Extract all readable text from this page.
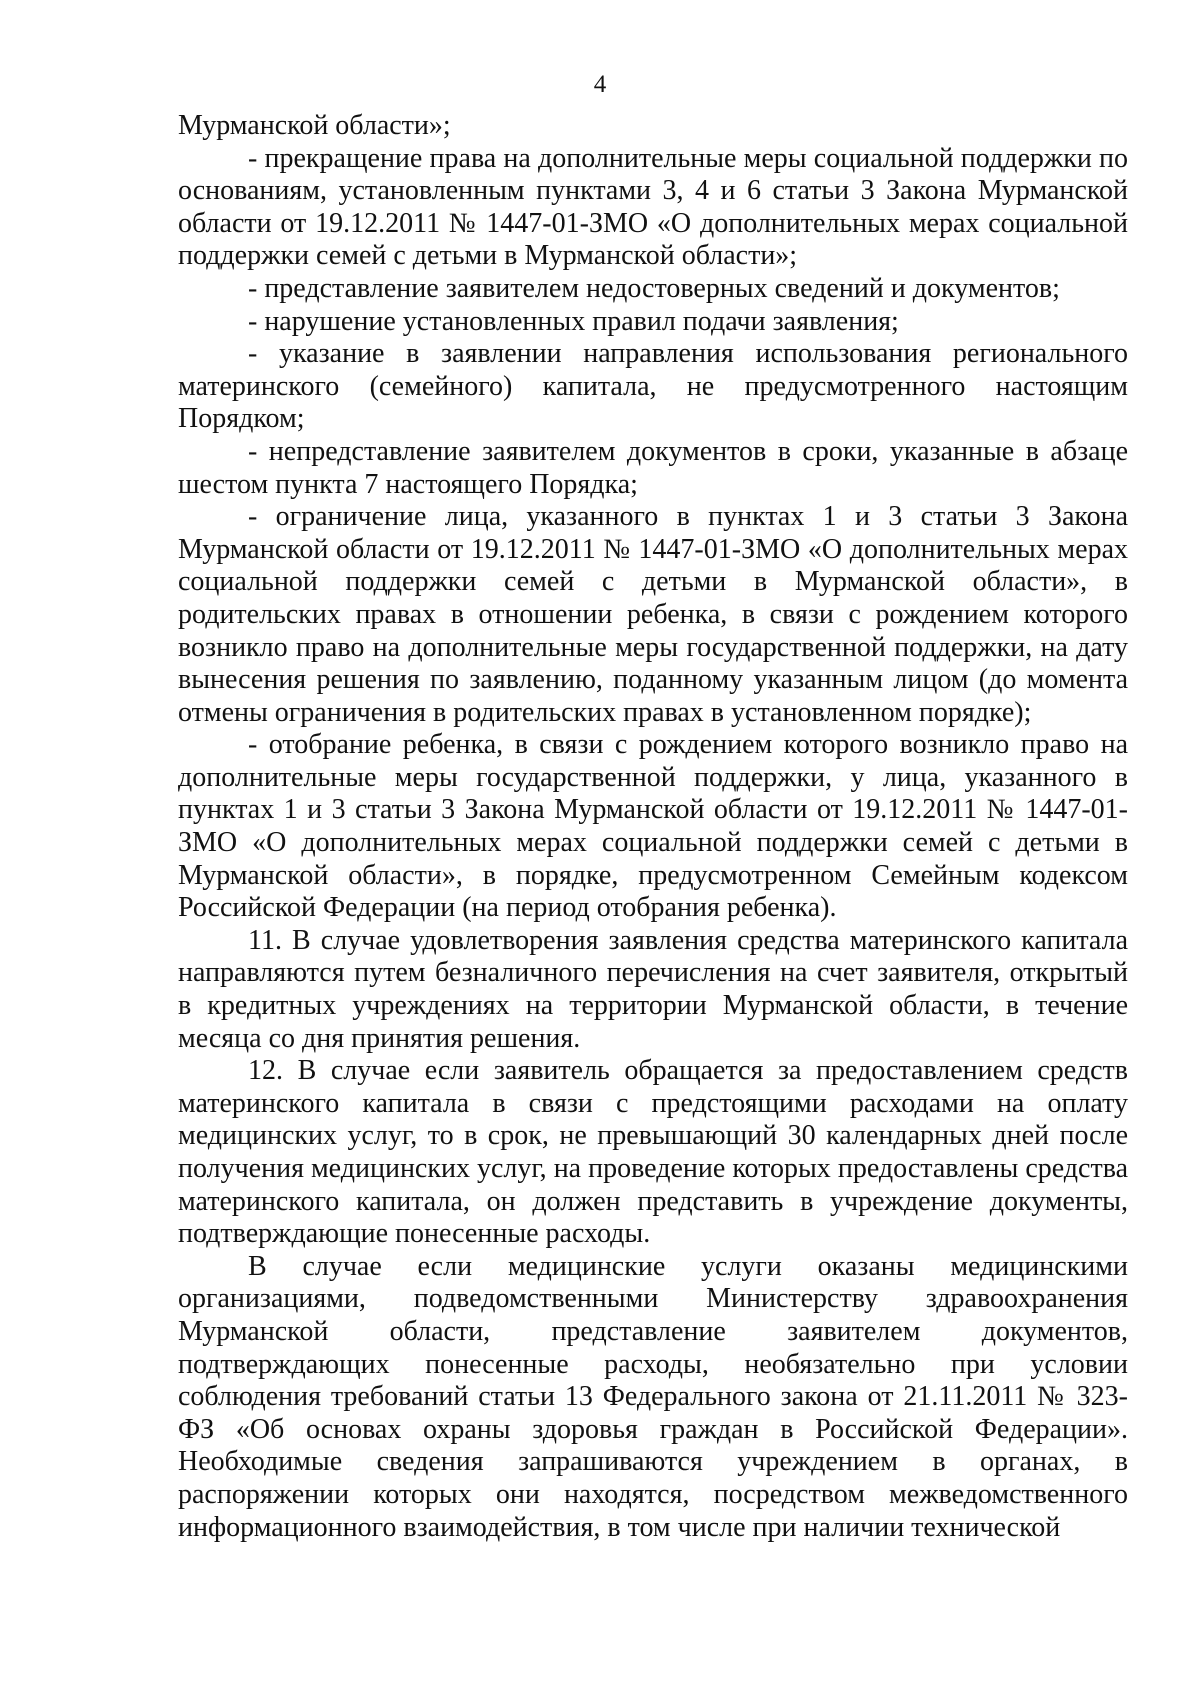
4

Мурманской области»;

- прекращение права на дополнительные меры социальной поддержки по основаниям, установленным пунктами 3, 4 и 6 статьи 3 Закона Мурманской области от 19.12.2011 № 1447-01-ЗМО «О дополнительных мерах социальной поддержки семей с детьми в Мурманской области»;

- представление заявителем недостоверных сведений и документов;

- нарушение установленных правил подачи заявления;

- указание в заявлении направления использования регионального материнского (семейного) капитала, не предусмотренного настоящим Порядком;

- непредставление заявителем документов в сроки, указанные в абзаце шестом пункта 7 настоящего Порядка;

- ограничение лица, указанного в пунктах 1 и 3 статьи 3 Закона Мурманской области от 19.12.2011 № 1447-01-ЗМО «О дополнительных мерах социальной поддержки семей с детьми в Мурманской области», в родительских правах в отношении ребенка, в связи с рождением которого возникло право на дополнительные меры государственной поддержки, на дату вынесения решения по заявлению, поданному указанным лицом (до момента отмены ограничения в родительских правах в установленном порядке);

- отобрание ребенка, в связи с рождением которого возникло право на дополнительные меры государственной поддержки, у лица, указанного в пунктах 1 и 3 статьи 3 Закона Мурманской области от 19.12.2011 № 1447-01-ЗМО «О дополнительных мерах социальной поддержки семей с детьми в Мурманской области», в порядке, предусмотренном Семейным кодексом Российской Федерации (на период отобрания ребенка).

11. В случае удовлетворения заявления средства материнского капитала направляются путем безналичного перечисления на счет заявителя, открытый в кредитных учреждениях на территории Мурманской области, в течение месяца со дня принятия решения.

12. В случае если заявитель обращается за предоставлением средств материнского капитала в связи с предстоящими расходами на оплату медицинских услуг, то в срок, не превышающий 30 календарных дней после получения медицинских услуг, на проведение которых предоставлены средства материнского капитала, он должен представить в учреждение документы, подтверждающие понесенные расходы.

В случае если медицинские услуги оказаны медицинскими организациями, подведомственными Министерству здравоохранения Мурманской области, представление заявителем документов, подтверждающих понесенные расходы, необязательно при условии соблюдения требований статьи 13 Федерального закона от 21.11.2011 № 323-ФЗ «Об основах охраны здоровья граждан в Российской Федерации». Необходимые сведения запрашиваются учреждением в органах, в распоряжении которых они находятся, посредством межведомственного информационного взаимодействия, в том числе при наличии технической
